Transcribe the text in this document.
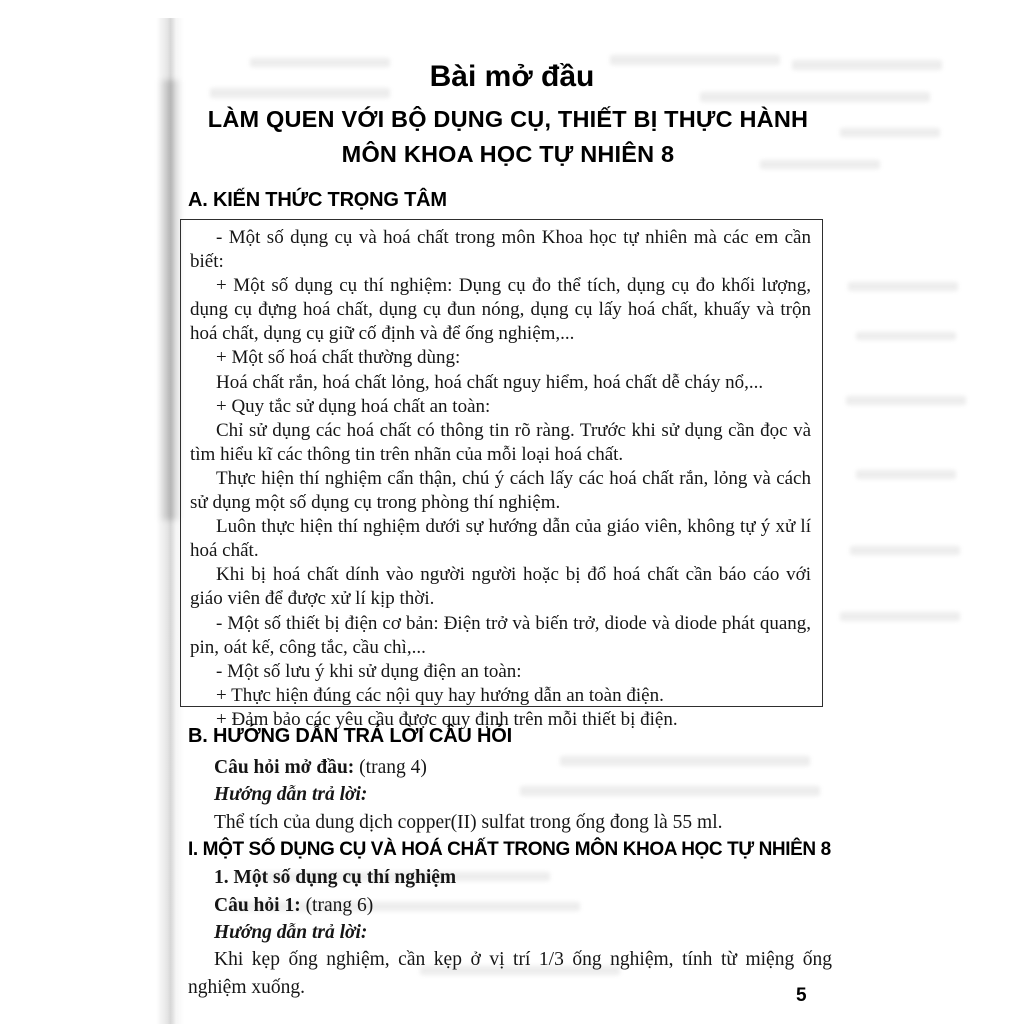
Bài mở đầu
LÀM QUEN VỚI BỘ DỤNG CỤ, THIẾT BỊ THỰC HÀNH
MÔN KHOA HỌC TỰ NHIÊN 8
A. KIẾN THỨC TRỌNG TÂM

- Một số dụng cụ và hoá chất trong môn Khoa học tự nhiên mà các em cần biết:

+ Một số dụng cụ thí nghiệm: Dụng cụ đo thể tích, dụng cụ đo khối lượng, dụng cụ đựng hoá chất, dụng cụ đun nóng, dụng cụ lấy hoá chất, khuấy và trộn hoá chất, dụng cụ giữ cố định và để ống nghiệm,...

+ Một số hoá chất thường dùng:

Hoá chất rắn, hoá chất lỏng, hoá chất nguy hiểm, hoá chất dễ cháy nổ,...

+ Quy tắc sử dụng hoá chất an toàn:

Chỉ sử dụng các hoá chất có thông tin rõ ràng. Trước khi sử dụng cần đọc và tìm hiểu kĩ các thông tin trên nhãn của mỗi loại hoá chất.

Thực hiện thí nghiệm cẩn thận, chú ý cách lấy các hoá chất rắn, lỏng và cách sử dụng một số dụng cụ trong phòng thí nghiệm.

Luôn thực hiện thí nghiệm dưới sự hướng dẫn của giáo viên, không tự ý xử lí hoá chất.

Khi bị hoá chất dính vào người người hoặc bị đổ hoá chất cần báo cáo với giáo viên để được xử lí kịp thời.

- Một số thiết bị điện cơ bản: Điện trở và biến trở, diode và diode phát quang, pin, oát kế, công tắc, cầu chì,...

- Một số lưu ý khi sử dụng điện an toàn:

+ Thực hiện đúng các nội quy hay hướng dẫn an toàn điện.

+ Đảm bảo các yêu cầu được quy định trên mỗi thiết bị điện.

B. HƯỚNG DẪN TRẢ LỜI CÂU HỎI
Câu hỏi mở đầu: (trang 4)
Hướng dẫn trả lời:
Thể tích của dung dịch copper(II) sulfat trong ống đong là 55 ml.
I. MỘT SỐ DỤNG CỤ VÀ HOÁ CHẤT TRONG MÔN KHOA HỌC TỰ NHIÊN 8
1. Một số dụng cụ thí nghiệm
Câu hỏi 1: (trang 6)
Hướng dẫn trả lời:

Khi kẹp ống nghiệm, cần kẹp ở vị trí 1/3 ống nghiệm, tính từ miệng ống nghiệm xuống.	5
